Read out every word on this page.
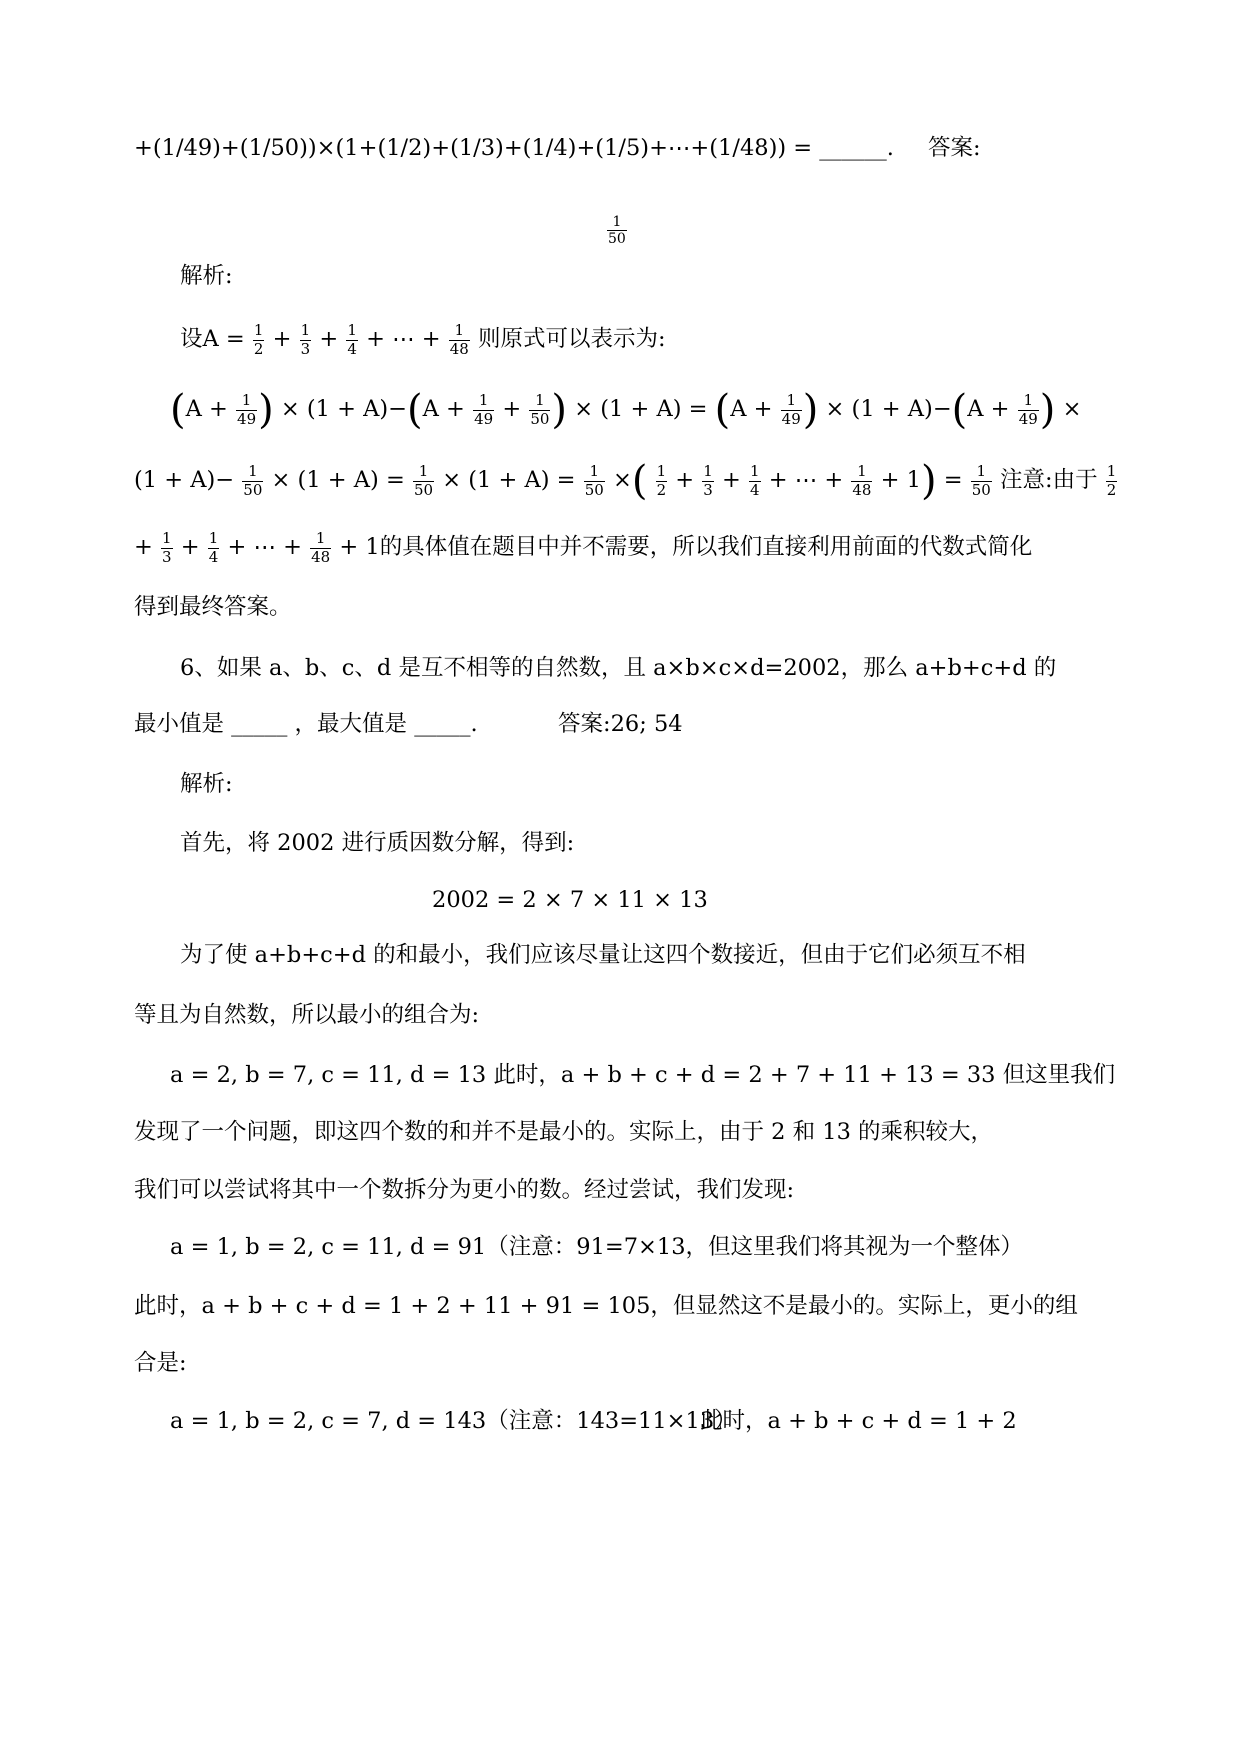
+(1/49)+(1/50))×(1+(1/2)+(1/3)+(1/4)+(1/5)+⋯+(1/48)) = ______. 答案:
$\frac{1}{50}$
解析:
设$A = \frac{1}{2} + \frac{1}{3} + \frac{1}{4}$ + ⋯ + $\frac{1}{48}$ 则原式可以表示为:
($A + \frac{1}{49}$ ) × $(1 + A)-(A + \frac{1}{49} + \frac{1}{50}$ ) × $(1 + A) = (A + \frac{1}{49}$ ) × $(1 + A)-(A + \frac{1}{49}$ ) ×
$(1 + A)- \frac{1}{50} \times (1 + A) = \frac{1}{50} \times (1 + A) = \frac{1}{50}$ ×( $\frac{1}{2} + \frac{1}{3} + \frac{1}{4}$ + ⋯ + $\frac{1}{48} + 1) = \frac{1}{50}$ 注意:由于 $\frac{1}{2}$
+ $\frac{1}{3} + \frac{1}{4}$ + ⋯ + $\frac{1}{48} + 1$的具体值在题目中并不需要，所以我们直接利用前面的代数式简化
得到最终答案。
6、如果 a、b、c、d 是互不相等的自然数，且 a×b×c×d=2002，那么 a+b+c+d 的
最小值是 _____ ，最大值是 _____.	答案:26; 54
解析:
首先，将 2002 进行质因数分解，得到:
2002 = 2 × 7 × 11 × 13
为了使 a+b+c+d 的和最小，我们应该尽量让这四个数接近，但由于它们必须互不相
等且为自然数，所以最小的组合为:
a = 2, b = 7, c = 11, d = 13 此时，a + b + c + d = 2 + 7 + 11 + 13 = 33 但这里我们
发现了一个问题，即这四个数的和并不是最小的。实际上，由于 2 和 13 的乘积较大，
我们可以尝试将其中一个数拆分为更小的数。经过尝试，我们发现:
a = 1, b = 2, c = 11, d = 91（注意：91=7×13，但这里我们将其视为一个整体）
此时，a + b + c + d = 1 + 2 + 11 + 91 = 105，但显然这不是最小的。实际上，更小的组
合是:
a = 1, b = 2, c = 7, d = 143（注意：143=11×13）
此时，a + b + c + d = 1 + 2
